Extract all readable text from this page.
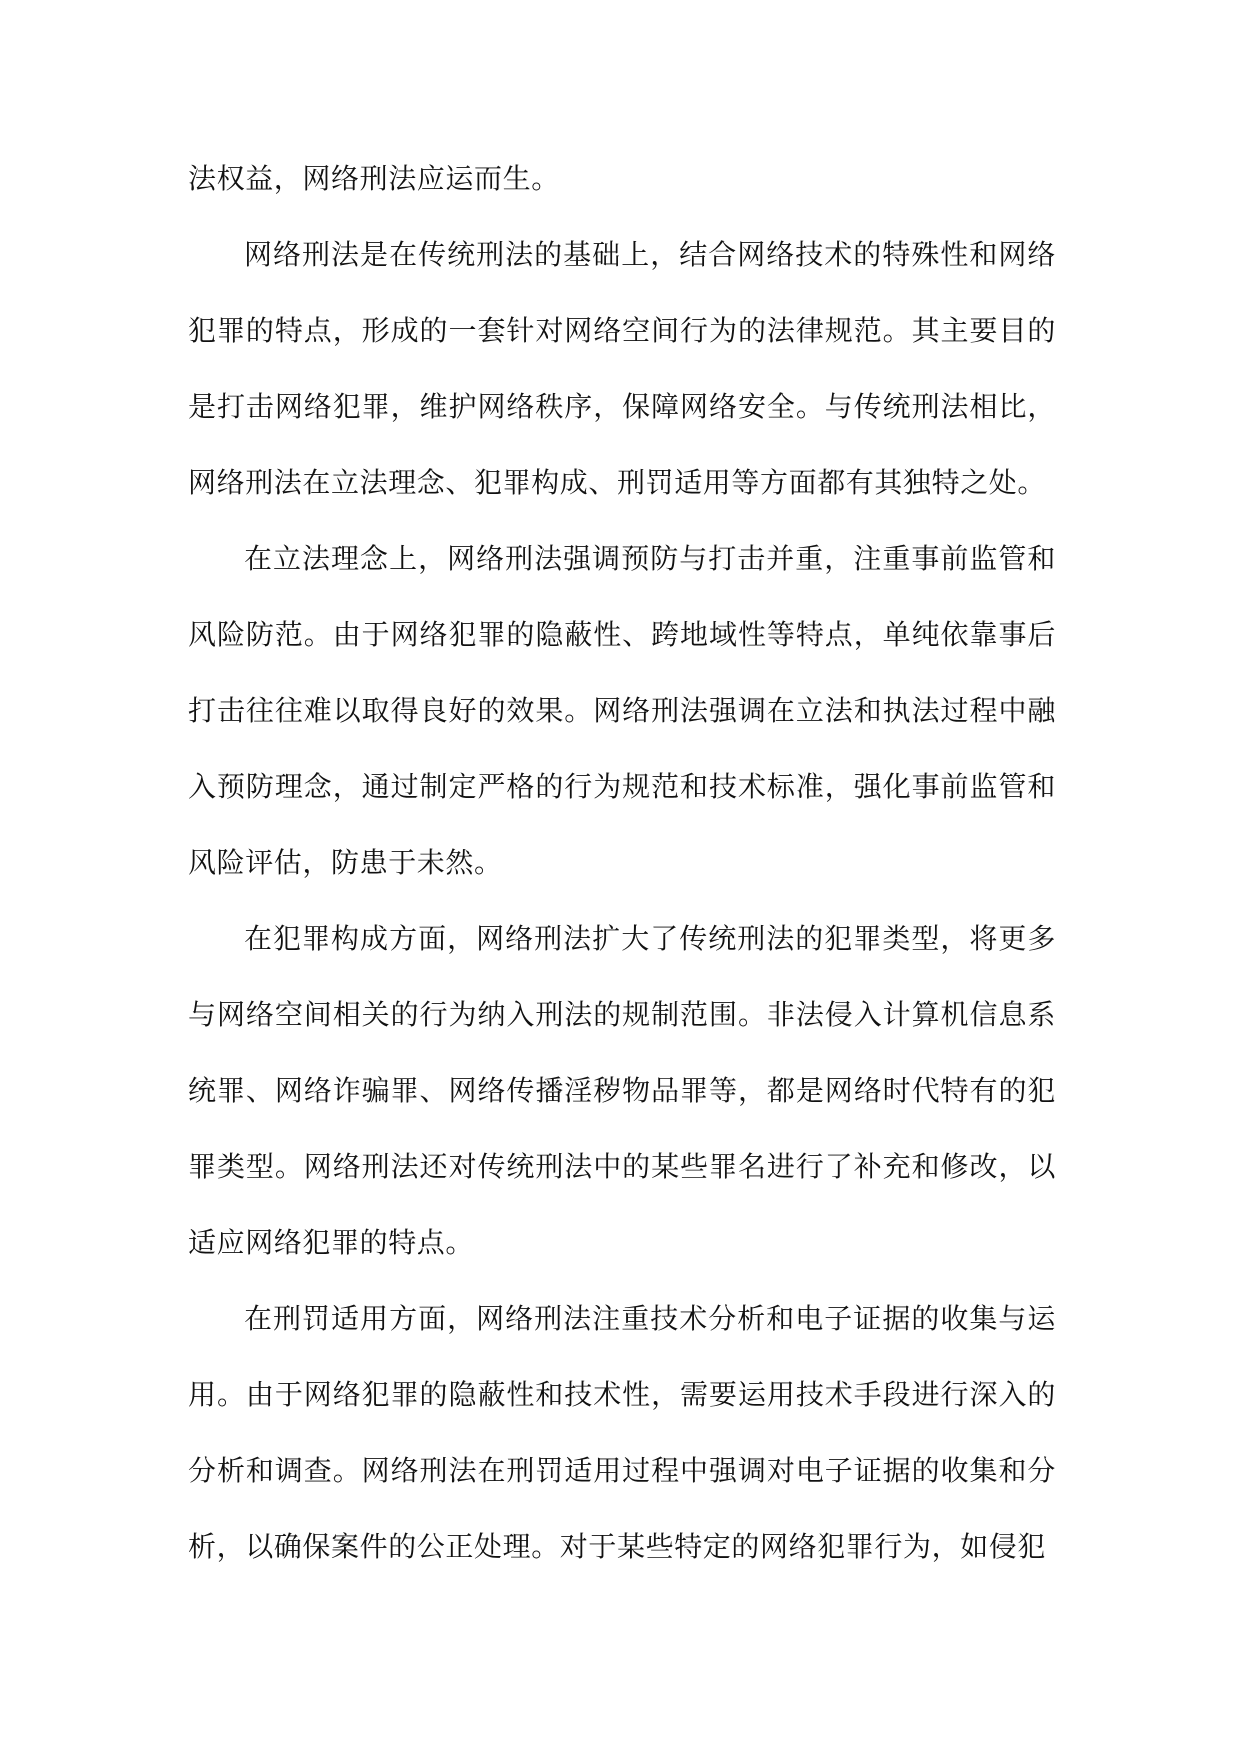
法权益，网络刑法应运而生。

网络刑法是在传统刑法的基础上，结合网络技术的特殊性和网络犯罪的特点，形成的一套针对网络空间行为的法律规范。其主要目的是打击网络犯罪，维护网络秩序，保障网络安全。与传统刑法相比，网络刑法在立法理念、犯罪构成、刑罚适用等方面都有其独特之处。

在立法理念上，网络刑法强调预防与打击并重，注重事前监管和风险防范。由于网络犯罪的隐蔽性、跨地域性等特点，单纯依靠事后打击往往难以取得良好的效果。网络刑法强调在立法和执法过程中融入预防理念，通过制定严格的行为规范和技术标准，强化事前监管和风险评估，防患于未然。

在犯罪构成方面，网络刑法扩大了传统刑法的犯罪类型，将更多与网络空间相关的行为纳入刑法的规制范围。非法侵入计算机信息系统罪、网络诈骗罪、网络传播淫秽物品罪等，都是网络时代特有的犯罪类型。网络刑法还对传统刑法中的某些罪名进行了补充和修改，以适应网络犯罪的特点。

在刑罚适用方面，网络刑法注重技术分析和电子证据的收集与运用。由于网络犯罪的隐蔽性和技术性，需要运用技术手段进行深入的分析和调查。网络刑法在刑罚适用过程中强调对电子证据的收集和分析，以确保案件的公正处理。对于某些特定的网络犯罪行为，如侵犯
